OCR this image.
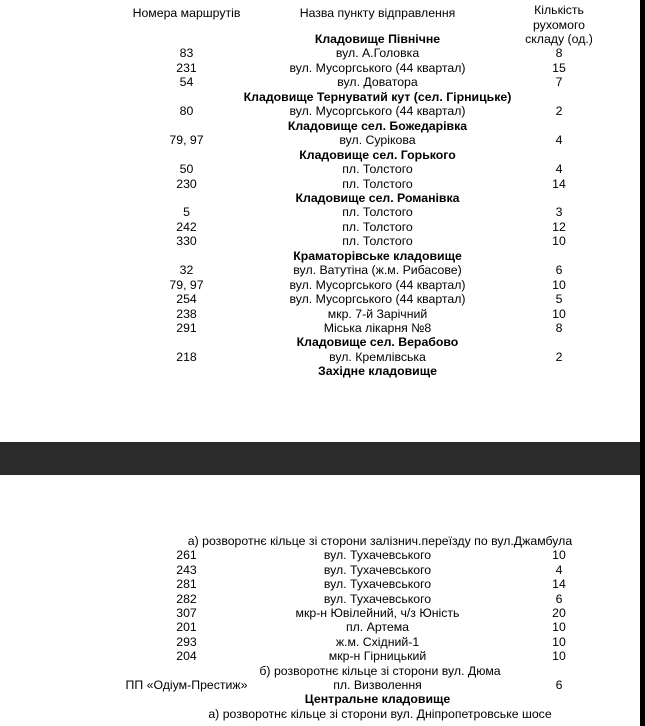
Номера маршрутів	Назва пункту відправлення	Кількість рухомого
складу (од.)
Кладовище Північне
83	вул. А.Головка	8
231	вул. Мусоргського (44 квартал)	15
54	вул. Доватора	7
Кладовище Тернуватий кут (сел. Гірницьке)
80	вул. Мусоргського (44 квартал)	2
Кладовище сел. Божедарівка
79, 97	вул. Сурікова	4
Кладовище сел. Горького
50	пл. Толстого	4
230	пл. Толстого	14
Кладовище сел. Романівка
5	пл. Толстого	3
242	пл. Толстого	12
330	пл. Толстого	10
Краматорівське кладовище
32	вул. Ватутіна (ж.м. Рибасове)	6
79, 97	вул. Мусоргського (44 квартал)	10
254	вул. Мусоргського (44 квартал)	5
238	мкр. 7-й Зарічний	10
291	Міська лікарня №8	8
Кладовище сел. Верабово
218	вул. Кремлівська	2
Західне кладовище
а) розворотнє кільце зі сторони залізнич.переїзду по вул.Джамбула
261	вул. Тухачевського	10
243	вул. Тухачевського	4
281	вул. Тухачевського	14
282	вул. Тухачевського	6
307	мкр-н Ювілейний, ч/з Юність	20
201	пл. Артема	10
293	ж.м. Східний-1	10
204	мкр-н Гірницький	10
б) розворотнє кільце зі сторони вул. Дюма
ПП «Одіум-Престиж»	пл. Визволення	6
Центральне кладовище
а) розворотнє кільце зі сторони вул. Дніпропетровське шосе
